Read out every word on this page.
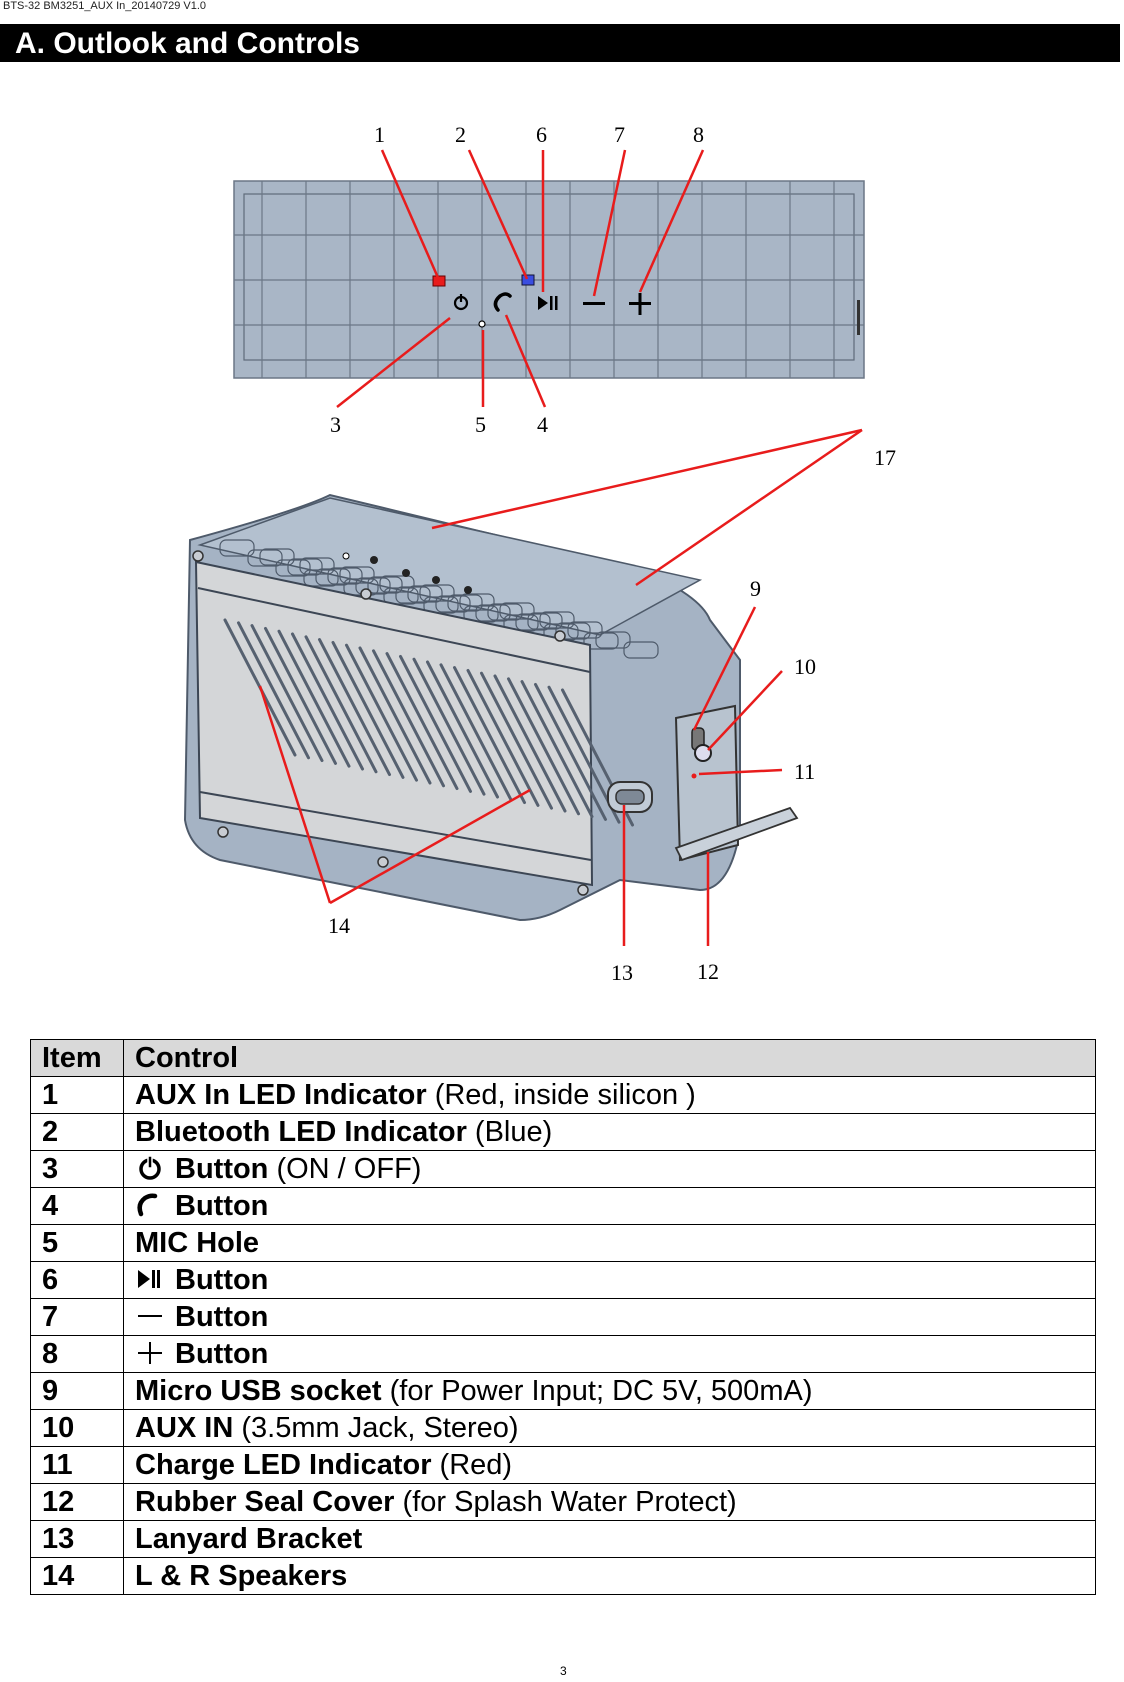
BTS-32 BM3251_AUX In_20140729 V1.0
A. Outlook and Controls
1	2	6	7	8
3	5 4
17
9
10
11
14
13	12
Item	Control
1	AUX In LED Indicator (Red, inside silicon )
2	Bluetooth LED Indicator (Blue)
3	Button (ON / OFF)
4	Button
5	MIC Hole
6	Button
7	Button
8	Button
9	Micro USB socket (for Power Input; DC 5V, 500mA)
10	AUX IN (3.5mm Jack, Stereo)
11	Charge LED Indicator (Red)
12	Rubber Seal Cover (for Splash Water Protect)
13	Lanyard Bracket
14	L & R Speakers
3
